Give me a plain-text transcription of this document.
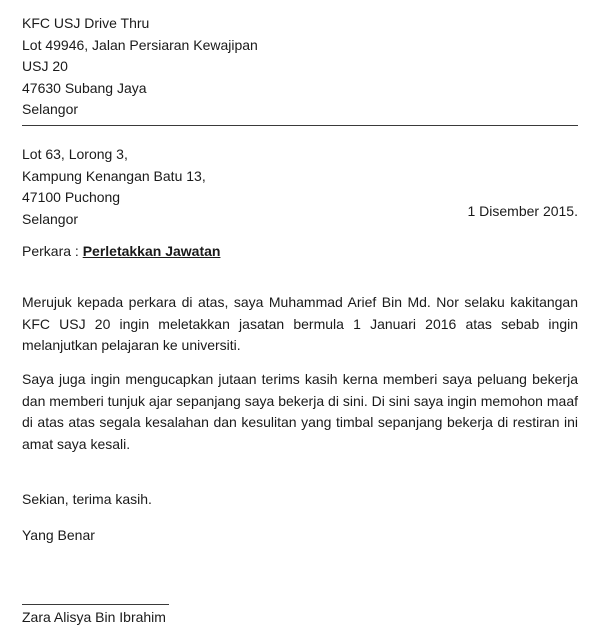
KFC USJ Drive Thru
Lot 49946, Jalan Persiaran Kewajipan
USJ 20
47630 Subang Jaya
Selangor
Lot 63, Lorong 3,
Kampung Kenangan Batu 13,
47100 Puchong
Selangor	1 Disember 2015.
Perkara : Perletakkan Jawatan

Merujuk kepada perkara di atas, saya Muhammad Arief Bin Md. Nor selaku kakitangan KFC USJ 20 ingin meletakkan jasatan bermula 1 Januari 2016 atas sebab ingin melanjutkan pelajaran ke universiti.

Saya juga ingin mengucapkan jutaan terims kasih kerna memberi saya peluang bekerja dan memberi tunjuk ajar sepanjang saya bekerja di sini. Di sini saya ingin memohon maaf di atas atas segala kesalahan dan kesulitan yang timbal sepanjang bekerja di restiran ini amat saya kesali.

Sekian, terima kasih.
Yang Benar
Zara Alisya Bin Ibrahim
